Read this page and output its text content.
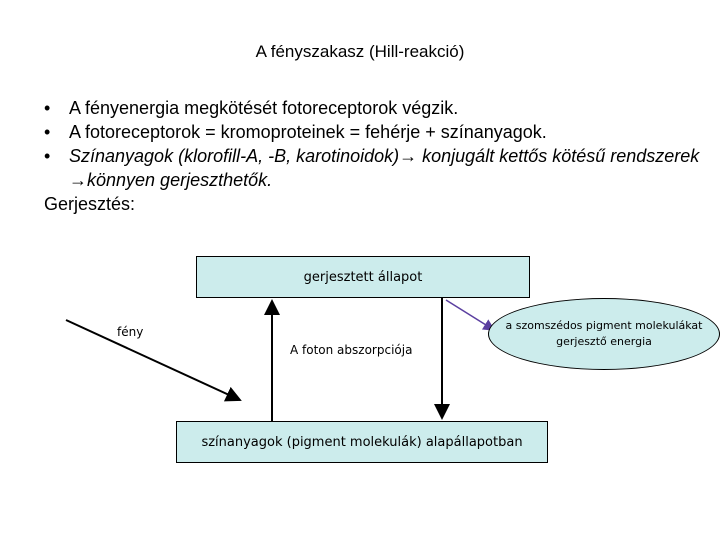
A fényszakasz (Hill-reakció)
•	A fényenergia megkötését fotoreceptorok végzik.
•	A fotoreceptorok = kromoproteinek = fehérje + színanyagok.
•	Színanyagok (klorofill-A, -B, karotinoidok)→ konjugált kettős kötésű rendszerek →könnyen gerjeszthetők.
Gerjesztés:
gerjesztett állapot
színanyagok (pigment molekulák) alapállapotban
a szomszédos pigment molekulákat gerjesztő energia
fény
A foton abszorpciója
